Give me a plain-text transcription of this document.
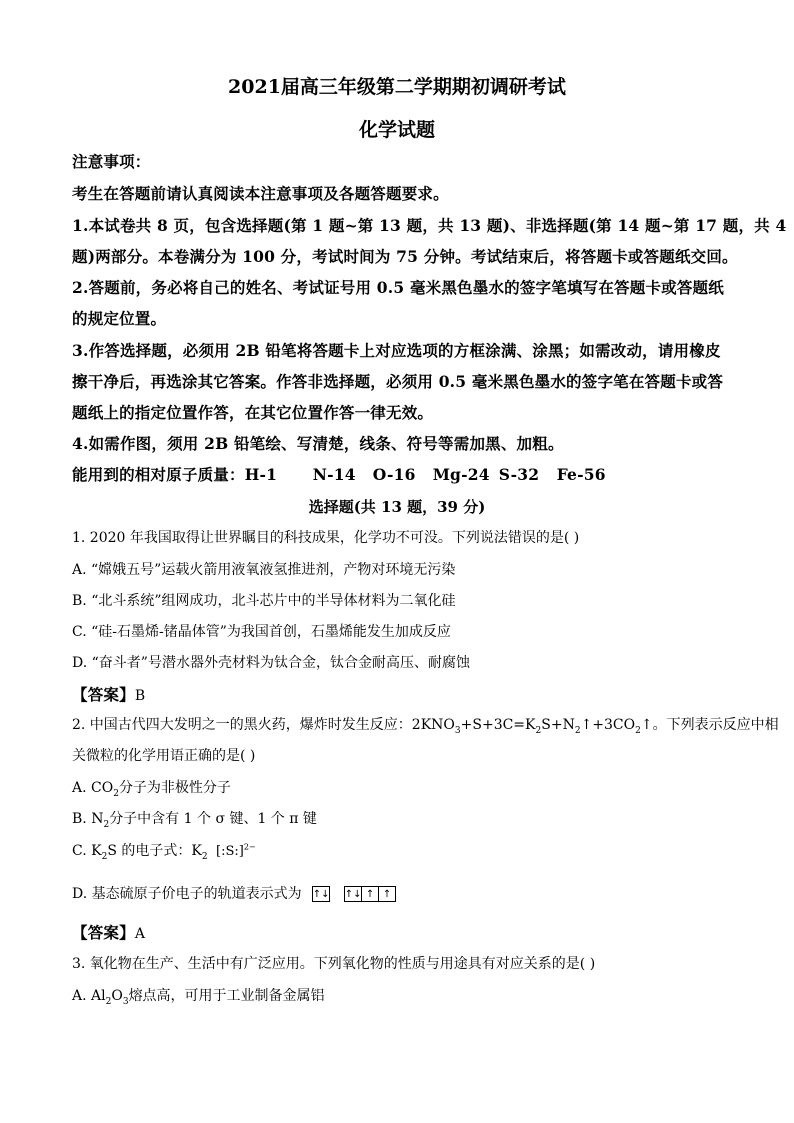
2021届高三年级第二学期期初调研考试
化学试题
注意事项：
考生在答题前请认真阅读本注意事项及各题答题要求。
1.本试卷共 8 页，包含选择题(第 1 题~第 13 题，共 13 题)、非选择题(第 14 题~第 17 题，共 4
题)两部分。本卷满分为 100 分，考试时间为 75 分钟。考试结束后，将答题卡或答题纸交回。
2.答题前，务必将自己的姓名、考试证号用 0.5 毫米黑色墨水的签字笔填写在答题卡或答题纸
的规定位置。
3.作答选择题，必须用 2B 铅笔将答题卡上对应选项的方框涂满、涂黑；如需改动，请用橡皮
擦干净后，再选涂其它答案。作答非选择题，必须用 0.5 毫米黑色墨水的签字笔在答题卡或答
题纸上的指定位置作答，在其它位置作答一律无效。
4.如需作图，须用 2B 铅笔绘、写清楚，线条、符号等需加黑、加粗。
能用到的相对原子质量：H-1 N-14 O-16 Mg-24 S-32 Fe-56
选择题(共 13 题，39 分)
1. 2020 年我国取得让世界瞩目的科技成果，化学功不可没。下列说法错误的是( )
A. “嫦娥五号”运载火箭用液氧液氢推进剂，产物对环境无污染
B. “北斗系统”组网成功，北斗芯片中的半导体材料为二氧化硅
C. “硅-石墨烯-锗晶体管”为我国首创，石墨烯能发生加成反应
D. “奋斗者”号潜水器外壳材料为钛合金，钛合金耐高压、耐腐蚀
【答案】B
2. 中国古代四大发明之一的黑火药，爆炸时发生反应：$2KNO_3+S+3C=K_2S+N_2↑+3CO_2↑$。下列表示反应中相
关微粒的化学用语正确的是( )
A. $CO_2$分子为非极性分子
B. $N_2$分子中含有 1 个 σ 键、1 个 π 键
C. $K_2S$ 的电子式：$K_2$ [:S:]$^{2-}$
D. 基态硫原子价电子的轨道表示式为 ↑↓ ↑↓ ↑ ↑
【答案】A
3. 氧化物在生产、生活中有广泛应用。下列氧化物的性质与用途具有对应关系的是( )
A. $Al_2O_3$熔点高，可用于工业制备金属铝
